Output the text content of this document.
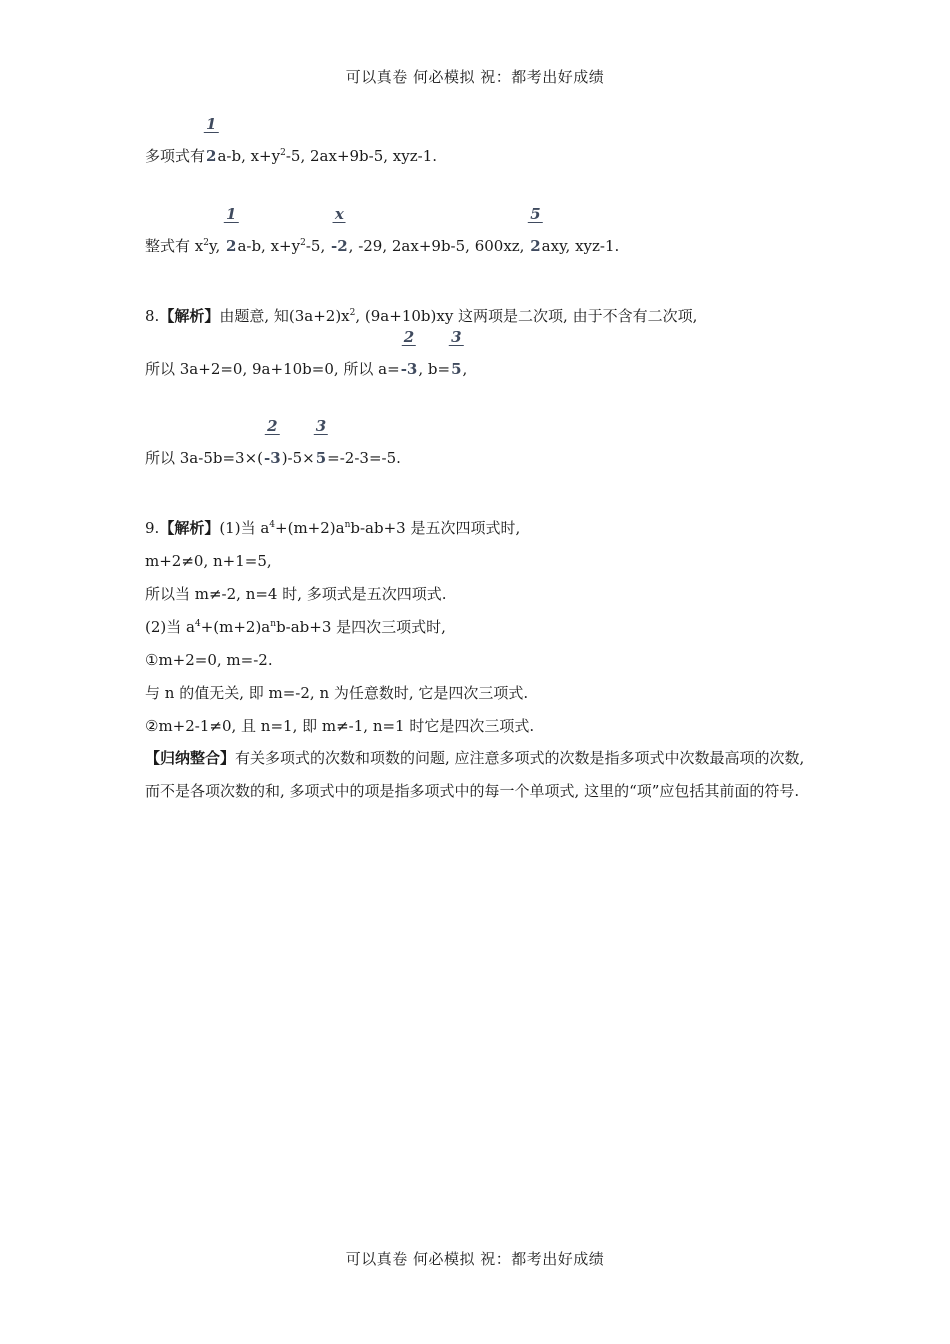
可以真卷 何必模拟 祝：都考出好成绩
多项式有 $\frac{1}{2}a-b$, $x+y^2-5$, 2ax+9b-5, xyz-1.
整式有 $x^2y$, $\frac{1}{2}a-b$, $x+y^2-5$, $\frac{x}{-2}$, -29, 2ax+9b-5, 600xz, $\frac{5}{2}axy$, xyz-1.
8.【解析】由题意, 知$(3a+2)x^2$, (9a+10b)xy 这两项是二次项, 由于不含有二次项,
所以 3a+2=0, 9a+10b=0, 所以 $a= \frac{2}{-3}$, $b= \frac{3}{5}$,
所以 $3a-5b=3\times( \frac{2}{-3})-5\times \frac{3}{5}=-2-3=-5$.
9.【解析】(1)当 $a^4+(m+2)a^nb-ab+3$ 是五次四项式时,
m+2≠0, n+1=5,
所以当 m≠-2, n=4 时, 多项式是五次四项式.
(2)当 $a^4+(m+2)a^nb-ab+3$ 是四次三项式时,
①m+2=0, m=-2.
与 n 的值无关, 即 m=-2, n 为任意数时, 它是四次三项式.
②m+2-1≠0, 且 n=1, 即 m≠-1, n=1 时它是四次三项式.
【归纳整合】有关多项式的次数和项数的问题, 应注意多项式的次数是指多项式中次数最高项的次数, 而不是各项次数的和, 多项式中的项是指多项式中的每一个单项式, 这里的“项”应包括其前面的符号.
可以真卷 何必模拟 祝：都考出好成绩
